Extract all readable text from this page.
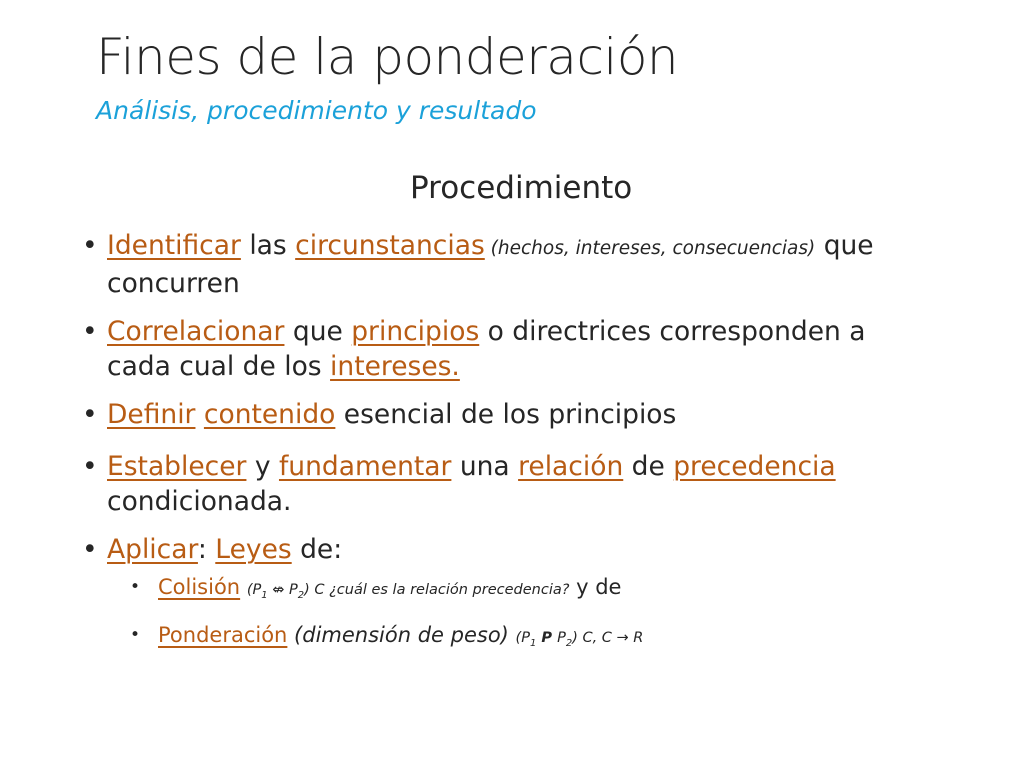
Fines de la ponderación
Análisis, procedimiento y resultado
Procedimiento
• Identificar las circunstancias (hechos, intereses, consecuencias) que
concurren
• Correlacionar que principios o directrices corresponden a
cada cual de los intereses.
• Definir contenido esencial de los principios
• Establecer y fundamentar una relación de precedencia
condicionada.
• Aplicar: Leyes de:
• Colisión ($P_1$ ⇎ $P_2$) C ¿cuál es la relación precedencia? y de
• Ponderación (dimensión de peso) ($P_1$ P $P_2$) C, C → R
